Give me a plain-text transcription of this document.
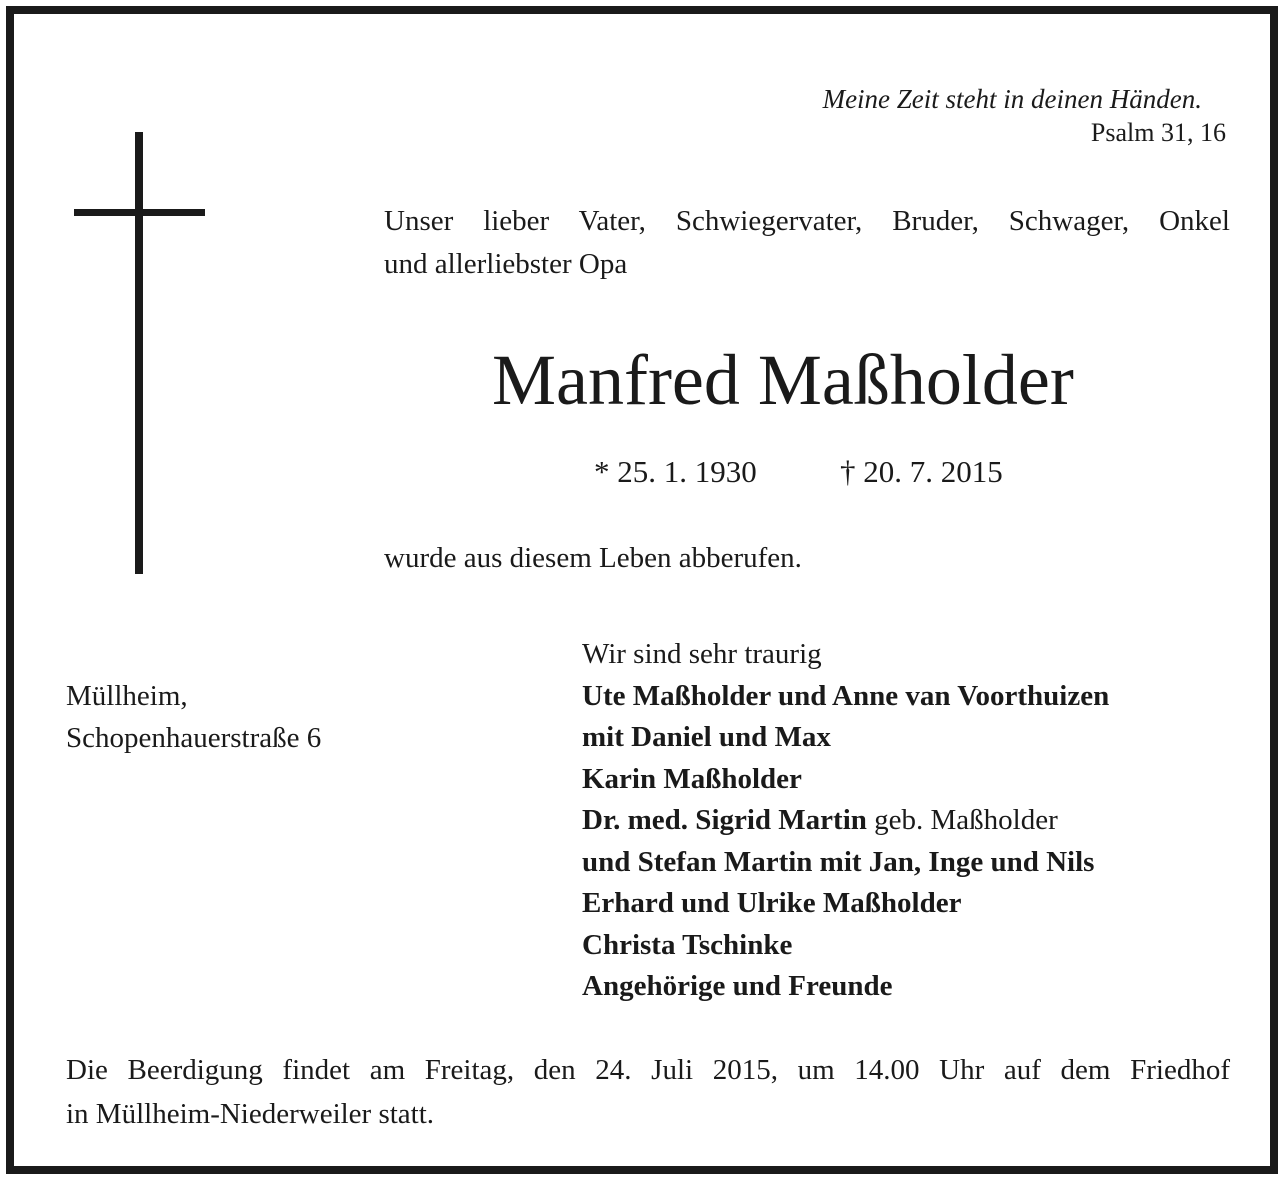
Meine Zeit steht in deinen Händen.
Psalm 31, 16
Unser lieber Vater, Schwiegervater, Bruder, Schwager, Onkel
und allerliebster Opa
Manfred Maßholder
* 25. 1. 1930	† 20. 7. 2015
wurde aus diesem Leben abberufen.
Müllheim,
Schopenhauerstraße 6
Wir sind sehr traurig
Ute Maßholder und Anne van Voorthuizen
mit Daniel und Max
Karin Maßholder
Dr. med. Sigrid Martin geb. Maßholder
und Stefan Martin mit Jan, Inge und Nils
Erhard und Ulrike Maßholder
Christa Tschinke
Angehörige und Freunde
Die Beerdigung findet am Freitag, den 24. Juli 2015, um 14.00 Uhr auf dem Friedhof
in Müllheim-Niederweiler statt.
